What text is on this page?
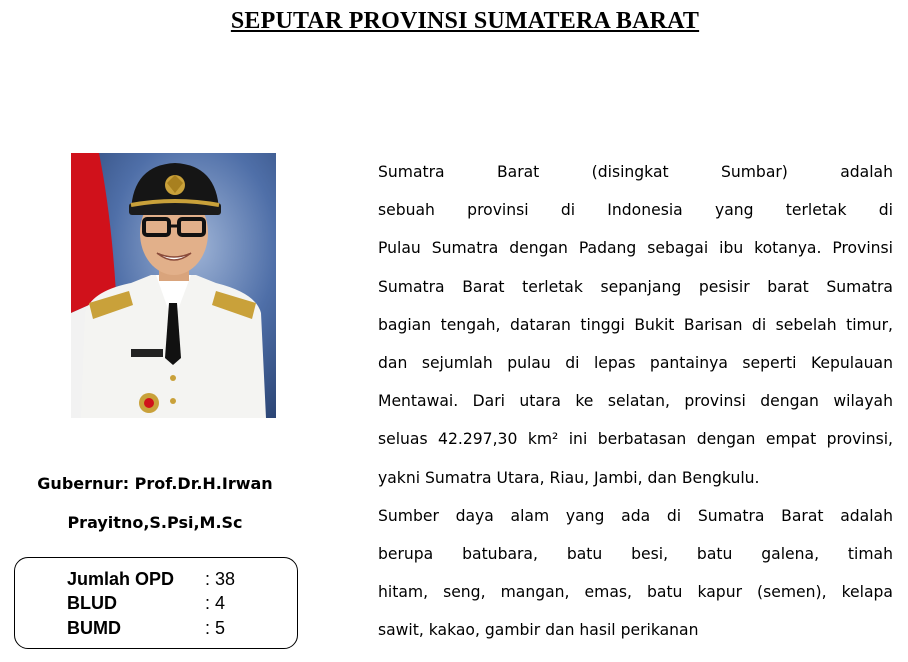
SEPUTAR PROVINSI SUMATERA BARAT
Gubernur: Prof.Dr.H.Irwan
Prayitno,S.Psi,M.Sc
Jumlah OPD : 38
BLUD	: 4
BUMD	: 5

Sumatra Barat (disingkat Sumbar) adalah

sebuah provinsi di Indonesia yang terletak di

Pulau Sumatra dengan Padang sebagai ibu kotanya. Provinsi

Sumatra Barat terletak sepanjang pesisir barat Sumatra

bagian tengah, dataran tinggi Bukit Barisan di sebelah timur,

dan sejumlah pulau di lepas pantainya seperti Kepulauan

Mentawai. Dari utara ke selatan, provinsi dengan wilayah

seluas 42.297,30 km² ini berbatasan dengan empat provinsi,

yakni Sumatra Utara, Riau, Jambi, dan Bengkulu.

Sumber daya alam yang ada di Sumatra Barat adalah

berupa batubara, batu besi, batu galena, timah

hitam, seng, mangan, emas, batu kapur (semen), kelapa

sawit, kakao, gambir dan hasil perikanan
